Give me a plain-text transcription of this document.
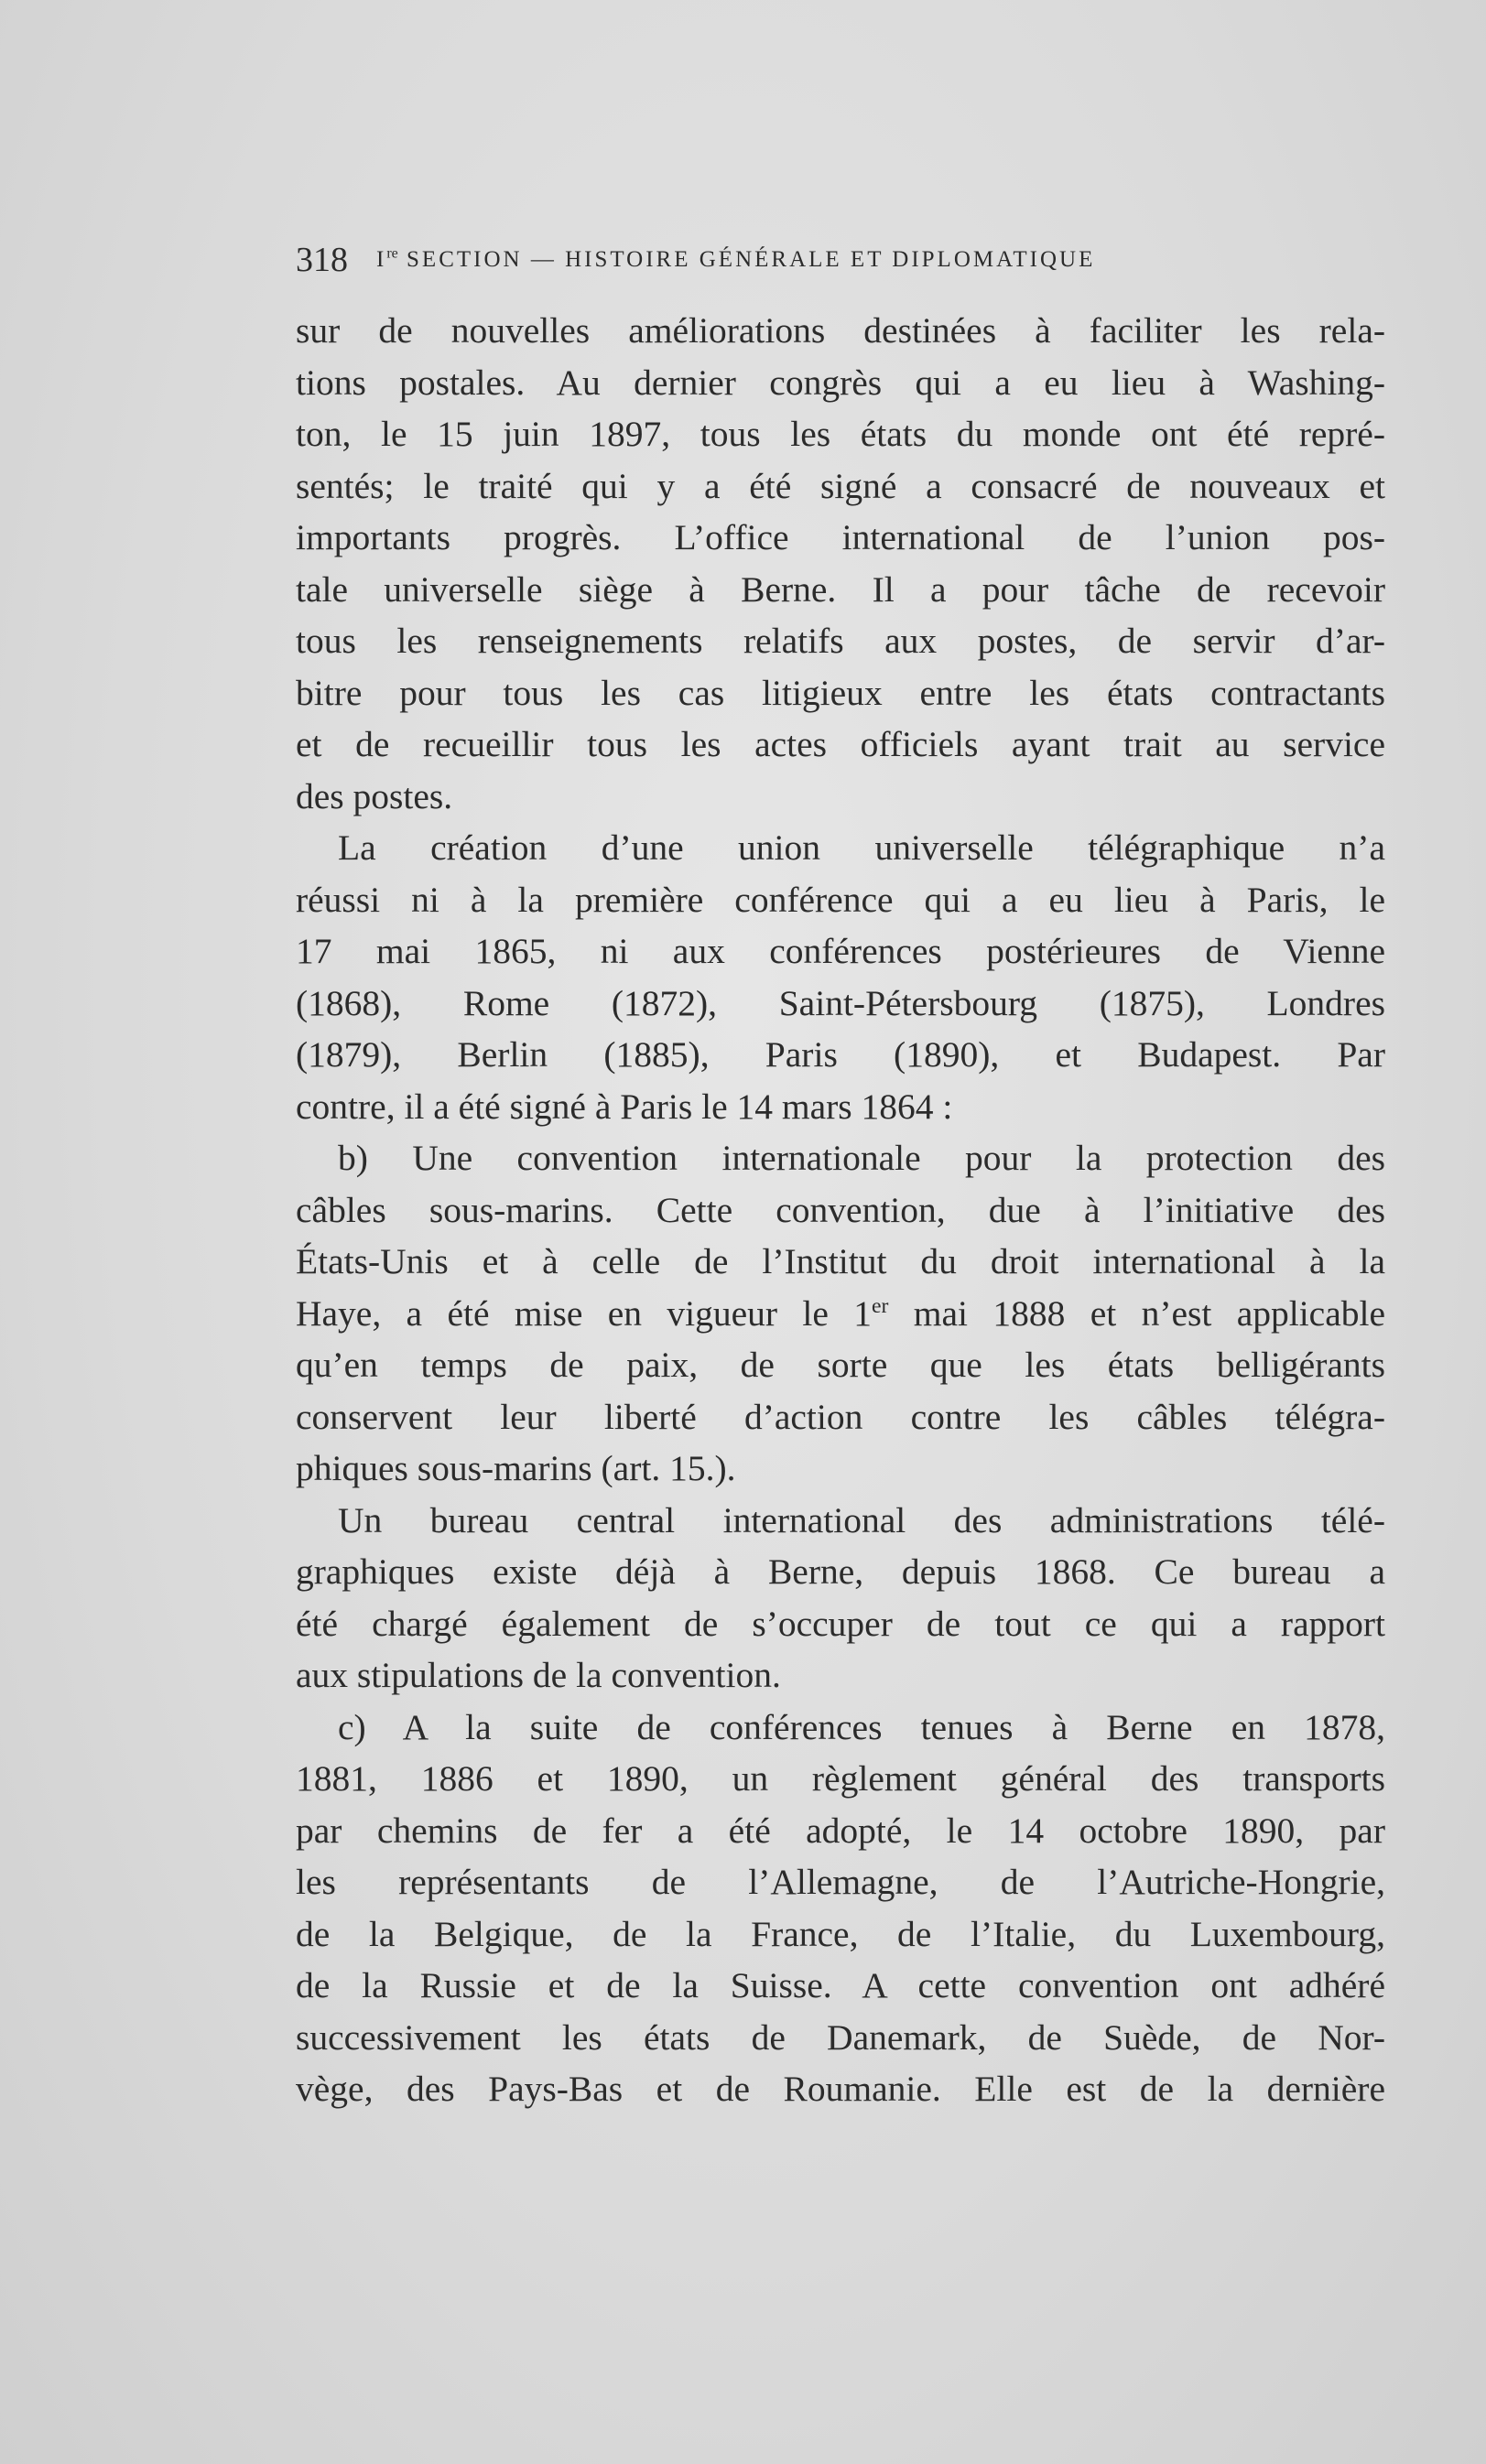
318 Ire SECTION — HISTOIRE GÉNÉRALE ET DIPLOMATIQUE
sur de nouvelles améliorations destinées à faciliter les rela-
tions postales. Au dernier congrès qui a eu lieu à Washing-
ton, le 15 juin 1897, tous les états du monde ont été repré-
sentés; le traité qui y a été signé a consacré de nouveaux et
importants progrès. L’office international de l’union pos-
tale universelle siège à Berne. Il a pour tâche de recevoir
tous les renseignements relatifs aux postes, de servir d’ar-
bitre pour tous les cas litigieux entre les états contractants
et de recueillir tous les actes officiels ayant trait au service
des postes.
La création d’une union universelle télégraphique n’a
réussi ni à la première conférence qui a eu lieu à Paris, le
17 mai 1865, ni aux conférences postérieures de Vienne
(1868), Rome (1872), Saint-Pétersbourg (1875), Londres
(1879), Berlin (1885), Paris (1890), et Budapest. Par
contre, il a été signé à Paris le 14 mars 1864 :
b) Une convention internationale pour la protection des
câbles sous-marins. Cette convention, due à l’initiative des
États-Unis et à celle de l’Institut du droit international à la
Haye, a été mise en vigueur le 1er mai 1888 et n’est applicable
qu’en temps de paix, de sorte que les états belligérants
conservent leur liberté d’action contre les câbles télégra-
phiques sous-marins (art. 15.).
Un bureau central international des administrations télé-
graphiques existe déjà à Berne, depuis 1868. Ce bureau a
été chargé également de s’occuper de tout ce qui a rapport
aux stipulations de la convention.
c) A la suite de conférences tenues à Berne en 1878,
1881, 1886 et 1890, un règlement général des transports
par chemins de fer a été adopté, le 14 octobre 1890, par
les représentants de l’Allemagne, de l’Autriche-Hongrie,
de la Belgique, de la France, de l’Italie, du Luxembourg,
de la Russie et de la Suisse. A cette convention ont adhéré
successivement les états de Danemark, de Suède, de Nor-
vège, des Pays-Bas et de Roumanie. Elle est de la dernière
